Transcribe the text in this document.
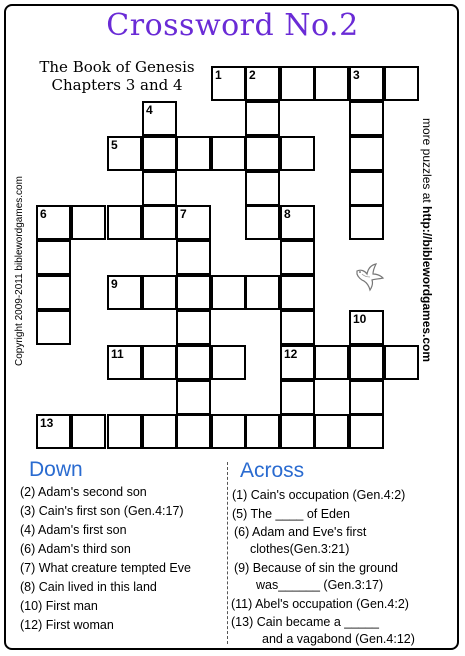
Crossword No.2
The Book of Genesis
Chapters 3 and 4
Copyright 2009-2011 biblewordgames.com
more puzzles at http://biblewordgames.com
1 2	3
4
5
6	7	8
9
10
11	12
13
Down
(2) Adam's second son
(3) Cain's first son (Gen.4:17)
(4) Adam's first son
(6) Adam's third son
(7) What creature tempted Eve
(8) Cain lived in this land
(10) First man
(12) First woman
Across
(1) Cain's occupation (Gen.4:2)
(5) The ____ of Eden
(6) Adam and Eve's first
clothes(Gen.3:21)
(9) Because of sin the ground
was______ (Gen.3:17)
(11) Abel's occupation (Gen.4:2)
(13) Cain became a _____
and a vagabond (Gen.4:12)
